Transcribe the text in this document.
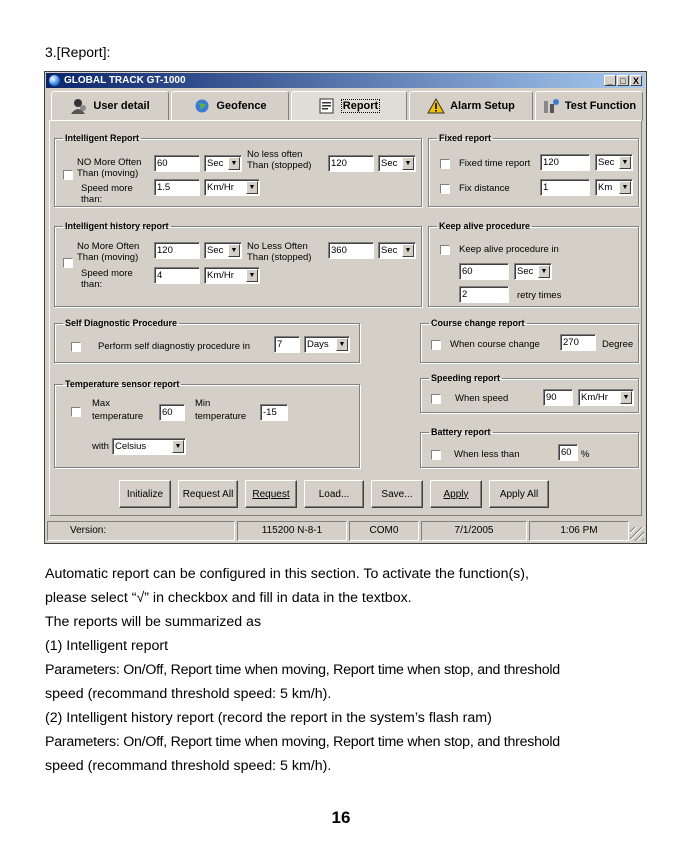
3.[Report]:
GLOBAL TRACK GT-1000	_ □ X
User detail	Geofence	Report	Alarm Setup	Test Function
Intelligent Report
NO More Often
Than (moving)
60	Sec	▼
No less often
Than (stopped)	120	Sec	▼
Speed more
than:
1.5	Km/Hr	▼
Fixed report
Fixed time report	120	Sec	▼
Fix distance	1	Km	▼
Intelligent history report
No More Often
Than (moving)
120	Sec	▼ No Less Often
Than (stopped)
360	Sec	▼
Speed more
than:
4	Km/Hr	▼
Keep alive procedure
Keep alive procedure in
60	Sec	▼
2	retry times
Self Diagnostic Procedure
Perform self diagnostiy procedure in	7	Days	▼
Course change report
When course change	270	Degree
Temperature sensor report
Max
temperature	60
Min
temperature	-15
with Celsius	▼
Speeding report
When speed	90	Km/Hr	▼
Battery report
When less than	60 %
Initialize	Request All	Request	Load...	Save...	Apply	Apply All
Version:	115200 N-8-1	COM0	7/1/2005	1:06 PM
Automatic report can be configured in this section. To activate the function(s),
please select “√” in checkbox and fill in data in the textbox.
The reports will be summarized as
(1) Intelligent report
Parameters: On/Off, Report time when moving, Report time when stop, and threshold
speed (recommand threshold speed: 5 km/h).
(2) Intelligent history report (record the report in the system’s flash ram)
Parameters: On/Off, Report time when moving, Report time when stop, and threshold
speed (recommand threshold speed: 5 km/h).
16
